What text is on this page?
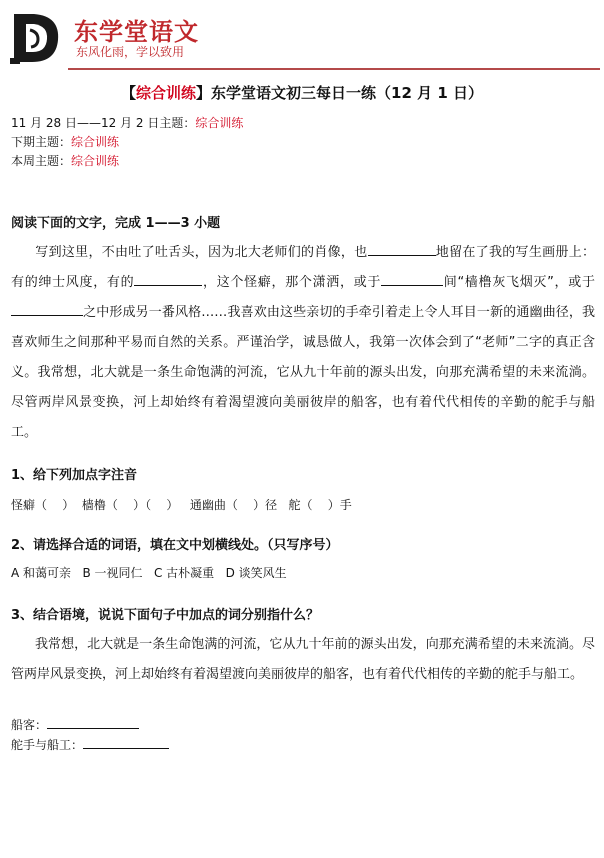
东学堂语文
东风化雨，学以致用
【综合训练】东学堂语文初三每日一练（12 月 1 日）
11 月 28 日——12 月 2 日主题：综合训练
下期主题：综合训练
本周主题：综合训练
阅读下面的文字，完成 1——3 小题
写到这里，不由吐了吐舌头，因为北大老师们的肖像，也	地留在了我的写生画册上：有的绅士风度，有的	，这个怪癖，那个潇洒，或于	间“樯橹灰飞烟灭”，或于之中形成另一番风格……我喜欢由这些亲切的手牵引着走上令人耳目一新的通幽曲径，我喜欢师生之间那种平易而自然的关系。严谨治学，诚恳做人，我第一次体会到了“老师”二字的真正含义。我常想，北大就是一条生命饱满的河流，它从九十年前的源头出发，向那充满希望的未来流淌。尽管两岸风景变换，河上却始终有着渴望渡向美丽彼岸的船客，也有着代代相传的辛勤的舵手与船工。
1、给下列加点字注音
怪癖（    ）  樯橹（    ）（    ）   通幽曲（    ）径   舵（    ）手
2、请选择合适的词语，填在文中划横线处。（只写序号）
A 和蔼可亲   B 一视同仁   C 古朴凝重   D 谈笑风生
3、结合语境，说说下面句子中加点的词分别指什么？
我常想，北大就是一条生命饱满的河流，它从九十年前的源头出发，向那充满希望的未来流淌。尽管两岸风景变换，河上却始终有着渴望渡向美丽彼岸的船客，也有着代代相传的辛勤的舵手与船工。
船客：
舵手与船工：
